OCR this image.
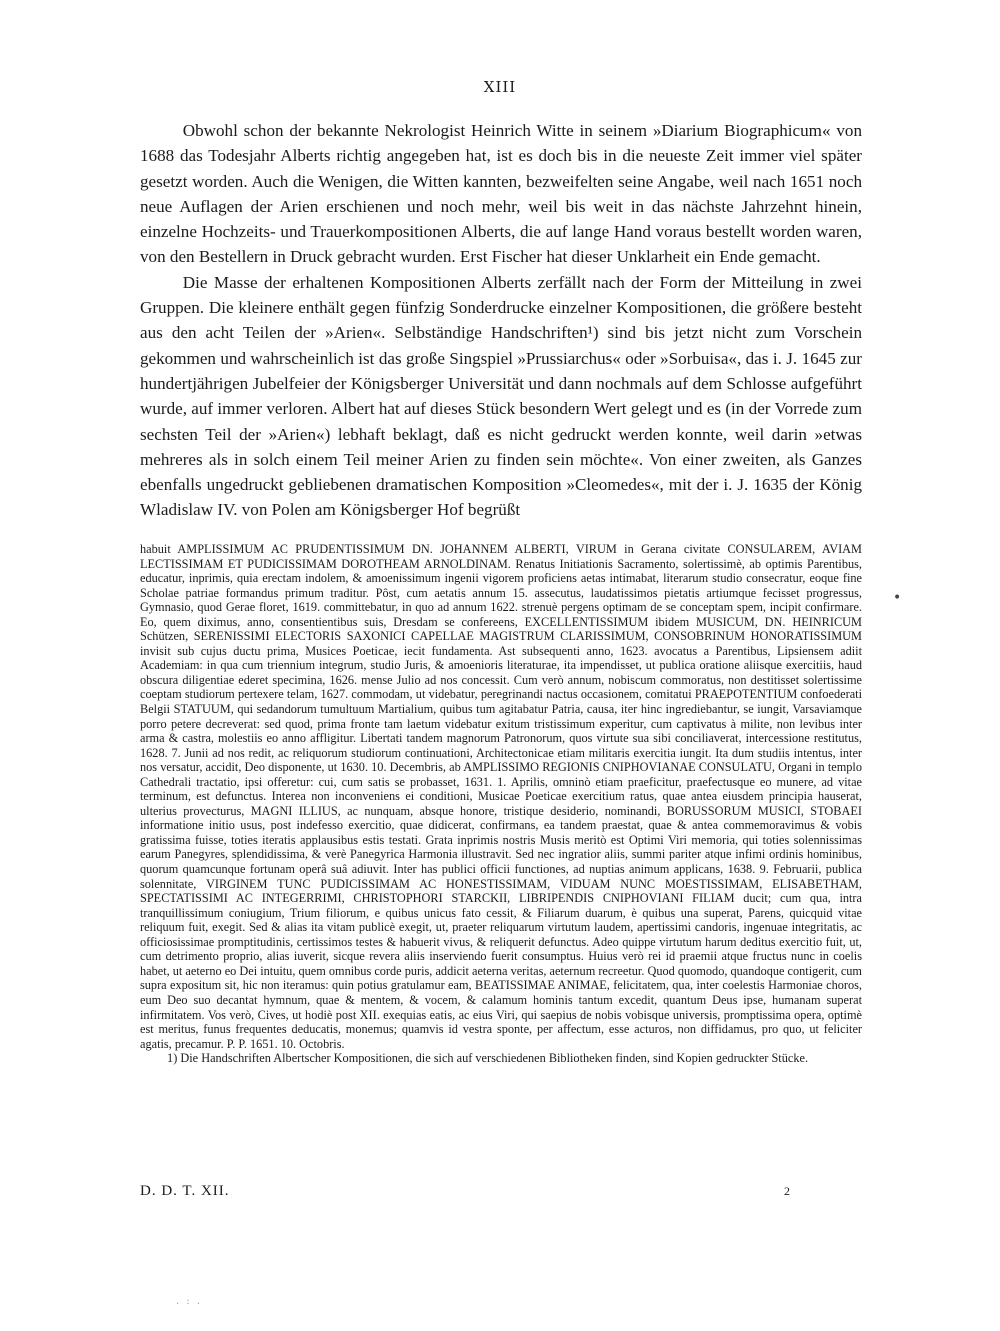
XIII

Obwohl schon der bekannte Nekrologist Heinrich Witte in seinem »Diarium Biographicum« von 1688 das Todesjahr Alberts richtig angegeben hat, ist es doch bis in die neueste Zeit immer viel später gesetzt worden. Auch die Wenigen, die Witten kannten, bezweifelten seine Angabe, weil nach 1651 noch neue Auflagen der Arien erschienen und noch mehr, weil bis weit in das nächste Jahrzehnt hinein, einzelne Hochzeits- und Trauerkompositionen Alberts, die auf lange Hand voraus bestellt worden waren, von den Bestellern in Druck gebracht wurden. Erst Fischer hat dieser Unklarheit ein Ende gemacht.

Die Masse der erhaltenen Kompositionen Alberts zerfällt nach der Form der Mitteilung in zwei Gruppen. Die kleinere enthält gegen fünfzig Sonderdrucke einzelner Kompositionen, die größere besteht aus den acht Teilen der »Arien«. Selbständige Handschriften¹) sind bis jetzt nicht zum Vorschein gekommen und wahrscheinlich ist das große Singspiel »Prussiarchus« oder »Sorbuisa«, das i. J. 1645 zur hundertjährigen Jubelfeier der Königsberger Universität und dann nochmals auf dem Schlosse aufgeführt wurde, auf immer verloren. Albert hat auf dieses Stück besondern Wert gelegt und es (in der Vorrede zum sechsten Teil der »Arien«) lebhaft beklagt, daß es nicht gedruckt werden konnte, weil darin »etwas mehreres als in solch einem Teil meiner Arien zu finden sein möchte«. Von einer zweiten, als Ganzes ebenfalls ungedruckt gebliebenen dramatischen Komposition »Cleomedes«, mit der i. J. 1635 der König Wladislaw IV. von Polen am Königsberger Hof begrüßt

habuit AMPLISSIMUM AC PRUDENTISSIMUM DN. JOHANNEM ALBERTI, VIRUM in Gerana civitate CONSULAREM, AVIAM LECTISSIMAM ET PUDICISSIMAM DOROTHEAM ARNOLDINAM. Renatus Initiationis Sacramento, solertissimè, ab optimis Parentibus, educatur, inprimis, quia erectam indolem, & amoenissimum ingenii vigorem proficiens aetas intimabat, literarum studio consecratur, eoque fine Scholae patriae formandus primum traditur. Pôst, cum aetatis annum 15. assecutus, laudatissimos pietatis artiumque fecisset progressus, Gymnasio, quod Gerae floret, 1619. committebatur, in quo ad annum 1622. strenuè pergens optimam de se conceptam spem, incipit confirmare. Eo, quem diximus, anno, consentientibus suis, Dresdam se confereens, EXCELLENTISSIMUM ibidem MUSICUM, DN. HEINRICUM Schützen, SERENISSIMI ELECTORIS SAXONICI CAPELLAE MAGISTRUM CLARISSIMUM, CONSOBRINUM HONORATISSIMUM invisit sub cujus ductu prima, Musices Poeticae, iecit fundamenta. Ast subsequenti anno, 1623. avocatus a Parentibus, Lipsiensem adiit Academiam: in qua cum triennium integrum, studio Juris, & amoenioris literaturae, ita impendisset, ut publica oratione aliisque exercitiis, haud obscura diligentiae ederet specimina, 1626. mense Julio ad nos concessit. Cum verò annum, nobiscum commoratus, non destitisset solertissime coeptam studiorum pertexere telam, 1627. commodam, ut videbatur, peregrinandi nactus occasionem, comitatui PRAEPOTENTIUM confoederati Belgii STATUUM, qui sedandorum tumultuum Martialium, quibus tum agitabatur Patria, causa, iter hinc ingrediebantur, se iungit, Varsaviamque porro petere decreverat: sed quod, prima fronte tam laetum videbatur exitum tristissimum experitur, cum captivatus à milite, non levibus inter arma & castra, molestiis eo anno affligitur. Libertati tandem magnorum Patronorum, quos virtute sua sibi conciliaverat, intercessione restitutus, 1628. 7. Junii ad nos redit, ac reliquorum studiorum continuationi, Architectonicae etiam militaris exercitia iungit. Ita dum studiis intentus, inter nos versatur, accidit, Deo disponente, ut 1630. 10. Decembris, ab AMPLISSIMO REGIONIS CNIPHOVIANAE CONSULATU, Organi in templo Cathedrali tractatio, ipsi offeretur: cui, cum satis se probasset, 1631. 1. Aprilis, omninò etiam praeficitur, praefectusque eo munere, ad vitae terminum, est defunctus. Interea non inconveniens ei conditioni, Musicae Poeticae exercitium ratus, quae antea eiusdem principia hauserat, ulterius provecturus, MAGNI ILLIUS, ac nunquam, absque honore, tristique desiderio, nominandi, BORUSSORUM MUSICI, STOBAEI informatione initio usus, post indefesso exercitio, quae didicerat, confirmans, ea tandem praestat, quae & antea commemoravimus & vobis gratissima fuisse, toties iteratis applausibus estis testati. Grata inprimis nostris Musis meritò est Optimi Viri memoria, qui toties solennissimas earum Panegyres, splendidissima, & verè Panegyrica Harmonia illustravit. Sed nec ingratior aliis, summi pariter atque infimi ordinis hominibus, quorum quamcunque fortunam operâ suâ adiuvit. Inter has publici officii functiones, ad nuptias animum applicans, 1638. 9. Februarii, publica solennitate, VIRGINEM TUNC PUDICISSIMAM AC HONESTISSIMAM, VIDUAM NUNC MOESTISSIMAM, ELISABETHAM, SPECTATISSIMI AC INTEGERRIMI, CHRISTOPHORI STARCKII, LIBRIPENDIS CNIPHOVIANI FILIAM ducit; cum qua, intra tranquillissimum coniugium, Trium filiorum, e quibus unicus fato cessit, & Filiarum duarum, è quibus una superat, Parens, quicquid vitae reliquum fuit, exegit. Sed & alias ita vitam publicè exegit, ut, praeter reliquarum virtutum laudem, apertissimi candoris, ingenuae integritatis, ac officiosissimae promptitudinis, certissimos testes & habuerit vivus, & reliquerit defunctus. Adeo quippe virtutum harum deditus exercitio fuit, ut, cum detrimento proprio, alias iuverit, sicque revera aliis inserviendo fuerit consumptus. Huius verò rei id praemii atque fructus nunc in coelis habet, ut aeterno eo Dei intuitu, quem omnibus corde puris, addicit aeterna veritas, aeternum recreetur. Quod quomodo, quandoque contigerit, cum supra expositum sit, hic non iteramus: quin potius gratulamur eam, BEATISSIMAE ANIMAE, felicitatem, qua, inter coelestis Harmoniae choros, eum Deo suo decantat hymnum, quae & mentem, & vocem, & calamum hominis tantum excedit, quantum Deus ipse, humanam superat infirmitatem. Vos verò, Cives, ut hodiè post XII. exequias eatis, ac eius Viri, qui saepius de nobis vobisque universis, promptissima opera, optimè est meritus, funus frequentes deducatis, monemus; quamvis id vestra sponte, per affectum, esse acturos, non diffidamus, pro quo, ut feliciter agatis, precamur. P. P. 1651. 10. Octobris.

1) Die Handschriften Albertscher Kompositionen, die sich auf verschiedenen Bibliotheken finden, sind Kopien gedruckter Stücke.

•
D. D. T. XII.	2
. : .
